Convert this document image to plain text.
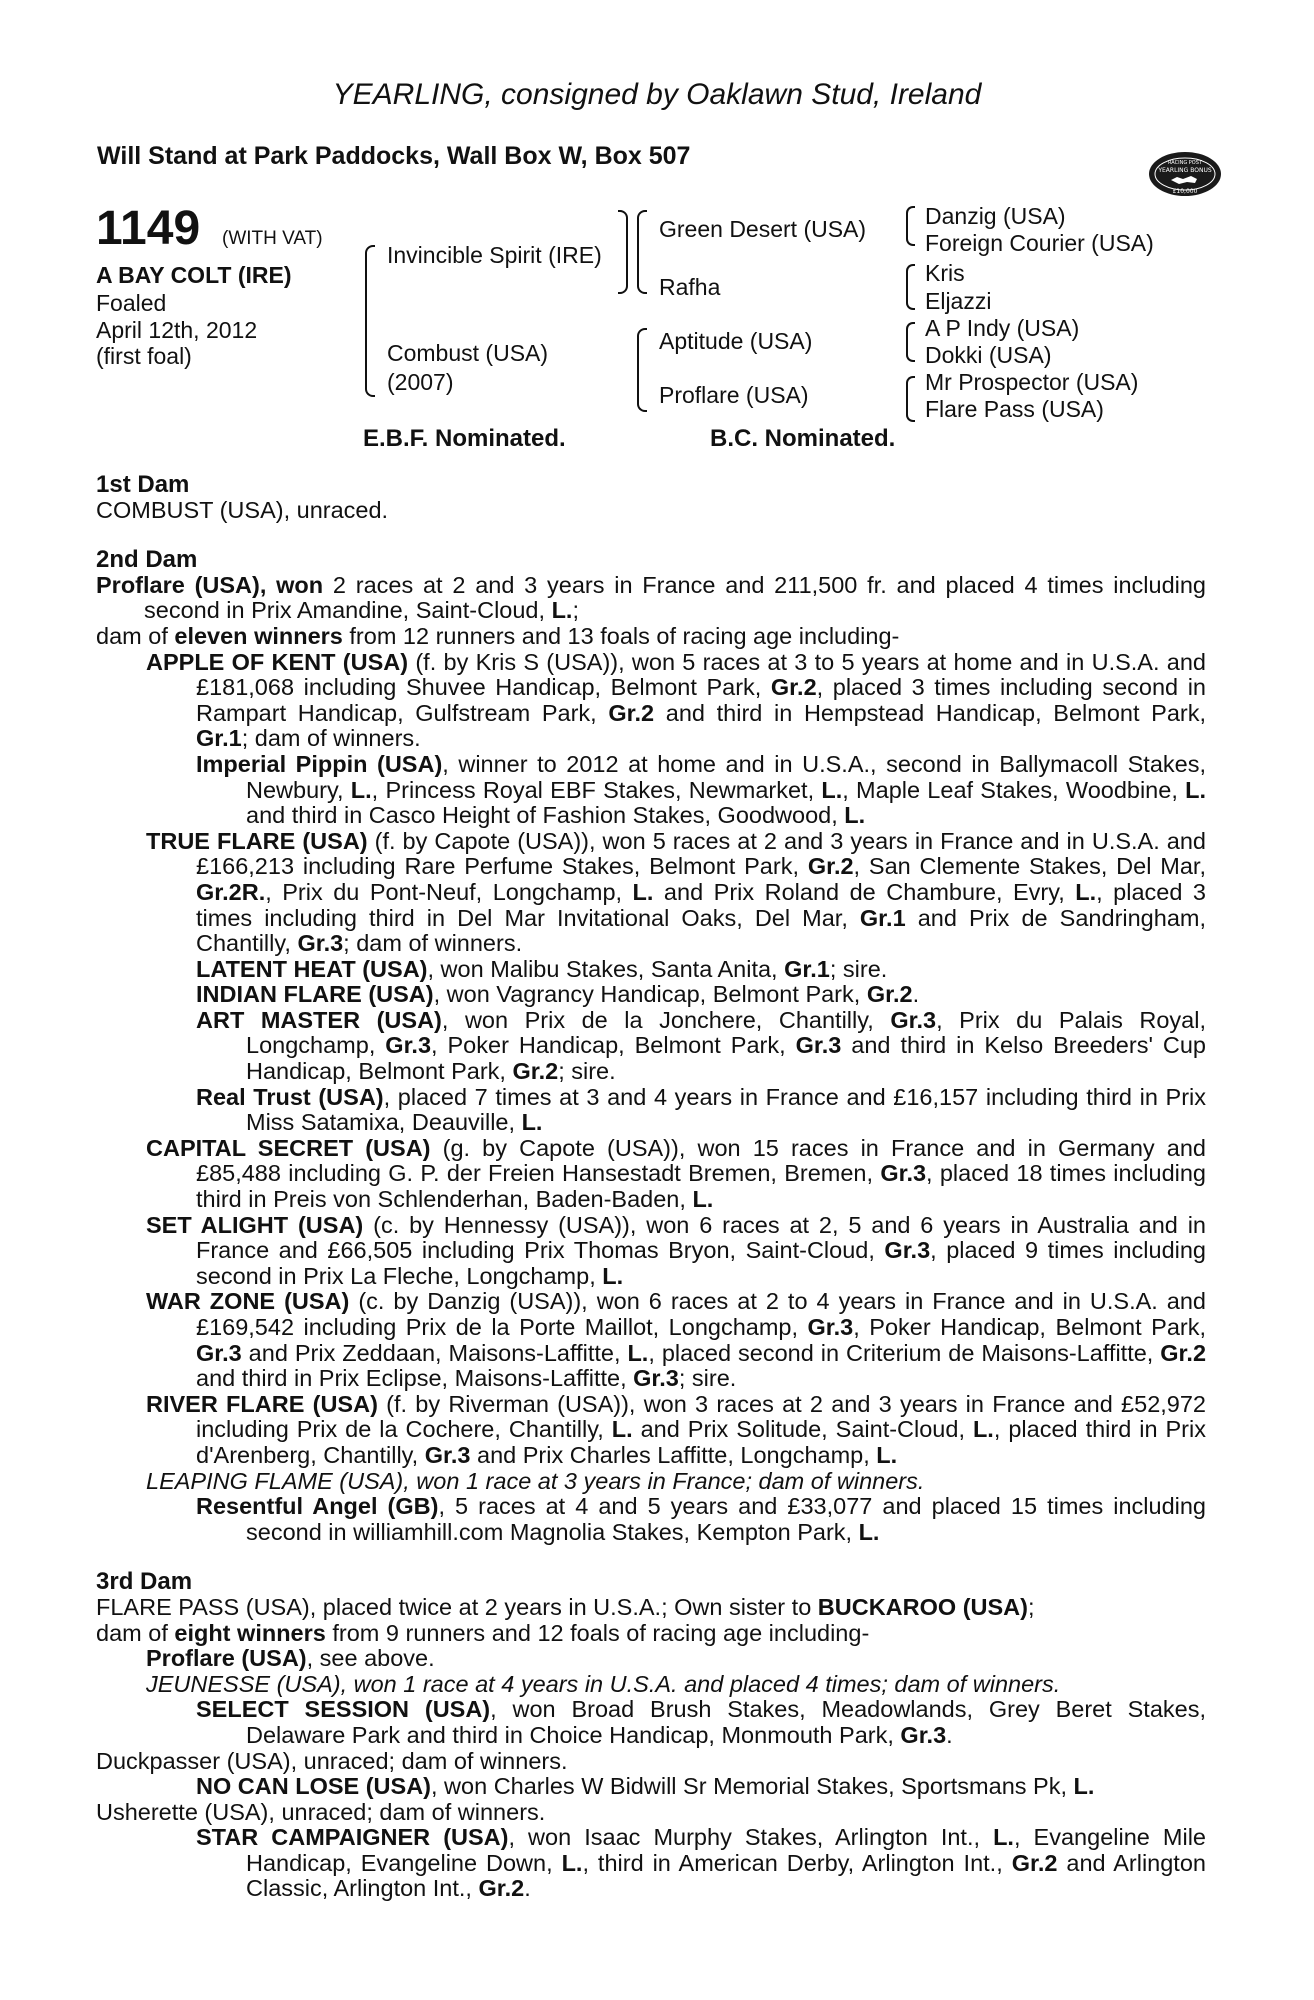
YEARLING, consigned by Oaklawn Stud, Ireland
Will Stand at Park Paddocks, Wall Box W, Box 507	RACING POST
YEARLING BONUS
£10,000
1149 (WITH VAT)
A BAY COLT (IRE)
Foaled
April 12th, 2012
(first foal)
Invincible Spirit (IRE)
Combust (USA)
(2007)
Green Desert (USA)
Rafha
Aptitude (USA)
Proflare (USA)
Danzig (USA)
Foreign Courier (USA)
Kris
Eljazzi
A P Indy (USA)
Dokki (USA)
Mr Prospector (USA)
Flare Pass (USA)
E.B.F. Nominated.	B.C. Nominated.
1st Dam
COMBUST (USA), unraced.
2nd Dam
Proflare (USA), won 2 races at 2 and 3 years in France and 211,500 fr. and placed 4 times including second in Prix Amandine, Saint-Cloud, L.;
dam of eleven winners from 12 runners and 13 foals of racing age including-
APPLE OF KENT (USA) (f. by Kris S (USA)), won 5 races at 3 to 5 years at home and in U.S.A. and £181,068 including Shuvee Handicap, Belmont Park, Gr.2, placed 3 times including second in Rampart Handicap, Gulfstream Park, Gr.2 and third in Hempstead Handicap, Belmont Park, Gr.1; dam of winners.
Imperial Pippin (USA), winner to 2012 at home and in U.S.A., second in Ballymacoll Stakes, Newbury, L., Princess Royal EBF Stakes, Newmarket, L., Maple Leaf Stakes, Woodbine, L. and third in Casco Height of Fashion Stakes, Goodwood, L.
TRUE FLARE (USA) (f. by Capote (USA)), won 5 races at 2 and 3 years in France and in U.S.A. and £166,213 including Rare Perfume Stakes, Belmont Park, Gr.2, San Clemente Stakes, Del Mar, Gr.2R., Prix du Pont-Neuf, Longchamp, L. and Prix Roland de Chambure, Evry, L., placed 3 times including third in Del Mar Invitational Oaks, Del Mar, Gr.1 and Prix de Sandringham, Chantilly, Gr.3; dam of winners.
LATENT HEAT (USA), won Malibu Stakes, Santa Anita, Gr.1; sire.
INDIAN FLARE (USA), won Vagrancy Handicap, Belmont Park, Gr.2.
ART MASTER (USA), won Prix de la Jonchere, Chantilly, Gr.3, Prix du Palais Royal, Longchamp, Gr.3, Poker Handicap, Belmont Park, Gr.3 and third in Kelso Breeders' Cup Handicap, Belmont Park, Gr.2; sire.
Real Trust (USA), placed 7 times at 3 and 4 years in France and £16,157 including third in Prix Miss Satamixa, Deauville, L.
CAPITAL SECRET (USA) (g. by Capote (USA)), won 15 races in France and in Germany and £85,488 including G. P. der Freien Hansestadt Bremen, Bremen, Gr.3, placed 18 times including third in Preis von Schlenderhan, Baden-Baden, L.
SET ALIGHT (USA) (c. by Hennessy (USA)), won 6 races at 2, 5 and 6 years in Australia and in France and £66,505 including Prix Thomas Bryon, Saint-Cloud, Gr.3, placed 9 times including second in Prix La Fleche, Longchamp, L.
WAR ZONE (USA) (c. by Danzig (USA)), won 6 races at 2 to 4 years in France and in U.S.A. and £169,542 including Prix de la Porte Maillot, Longchamp, Gr.3, Poker Handicap, Belmont Park, Gr.3 and Prix Zeddaan, Maisons-Laffitte, L., placed second in Criterium de Maisons-Laffitte, Gr.2 and third in Prix Eclipse, Maisons-Laffitte, Gr.3; sire.
RIVER FLARE (USA) (f. by Riverman (USA)), won 3 races at 2 and 3 years in France and £52,972 including Prix de la Cochere, Chantilly, L. and Prix Solitude, Saint-Cloud, L., placed third in Prix d'Arenberg, Chantilly, Gr.3 and Prix Charles Laffitte, Longchamp, L.
LEAPING FLAME (USA), won 1 race at 3 years in France; dam of winners.
Resentful Angel (GB), 5 races at 4 and 5 years and £33,077 and placed 15 times including second in williamhill.com Magnolia Stakes, Kempton Park, L.
3rd Dam
FLARE PASS (USA), placed twice at 2 years in U.S.A.; Own sister to BUCKAROO (USA);
dam of eight winners from 9 runners and 12 foals of racing age including-
Proflare (USA), see above.
JEUNESSE (USA), won 1 race at 4 years in U.S.A. and placed 4 times; dam of winners.
SELECT SESSION (USA), won Broad Brush Stakes, Meadowlands, Grey Beret Stakes, Delaware Park and third in Choice Handicap, Monmouth Park, Gr.3.
Duckpasser (USA), unraced; dam of winners.
NO CAN LOSE (USA), won Charles W Bidwill Sr Memorial Stakes, Sportsmans Pk, L.
Usherette (USA), unraced; dam of winners.
STAR CAMPAIGNER (USA), won Isaac Murphy Stakes, Arlington Int., L., Evangeline Mile Handicap, Evangeline Down, L., third in American Derby, Arlington Int., Gr.2 and Arlington Classic, Arlington Int., Gr.2.
